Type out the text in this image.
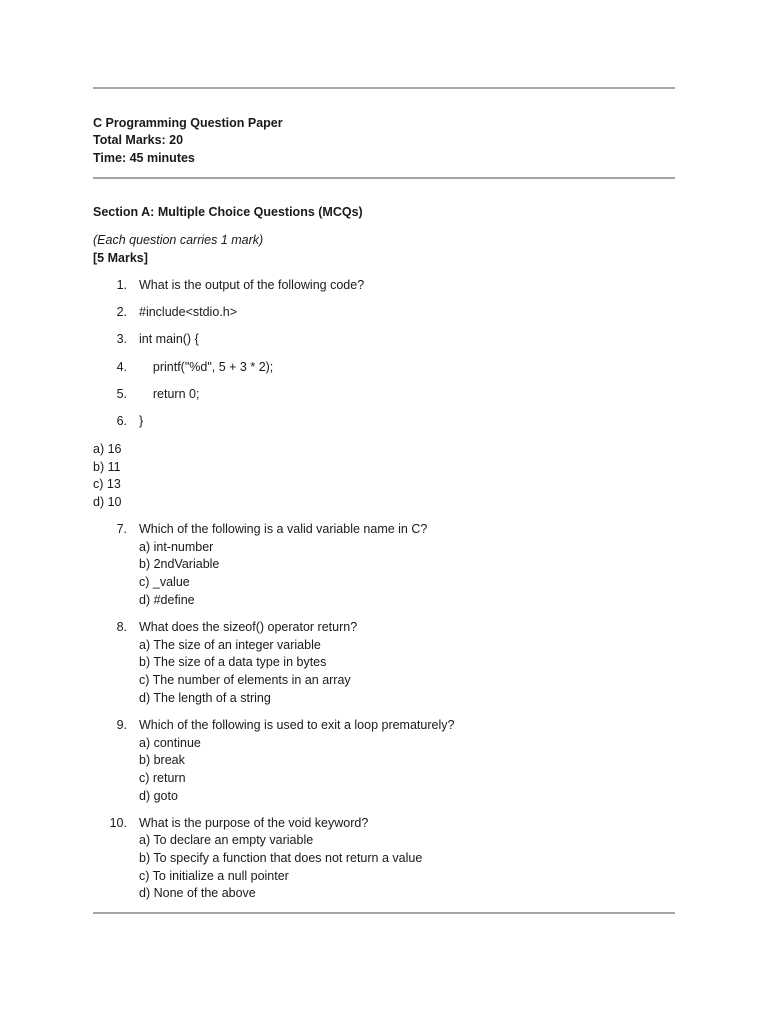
C Programming Question Paper
Total Marks: 20
Time: 45 minutes
Section A: Multiple Choice Questions (MCQs)
(Each question carries 1 mark)
[5 Marks]
1. What is the output of the following code?
2. #include<stdio.h>
3. int main() {
4. printf("%d", 5 + 3 * 2);
5. return 0;
6. }
a) 16
b) 11
c) 13
d) 10
7. Which of the following is a valid variable name in C?
a) int-number
b) 2ndVariable
c) _value
d) #define
8. What does the sizeof() operator return?
a) The size of an integer variable
b) The size of a data type in bytes
c) The number of elements in an array
d) The length of a string
9. Which of the following is used to exit a loop prematurely?
a) continue
b) break
c) return
d) goto
10. What is the purpose of the void keyword?
a) To declare an empty variable
b) To specify a function that does not return a value
c) To initialize a null pointer
d) None of the above
